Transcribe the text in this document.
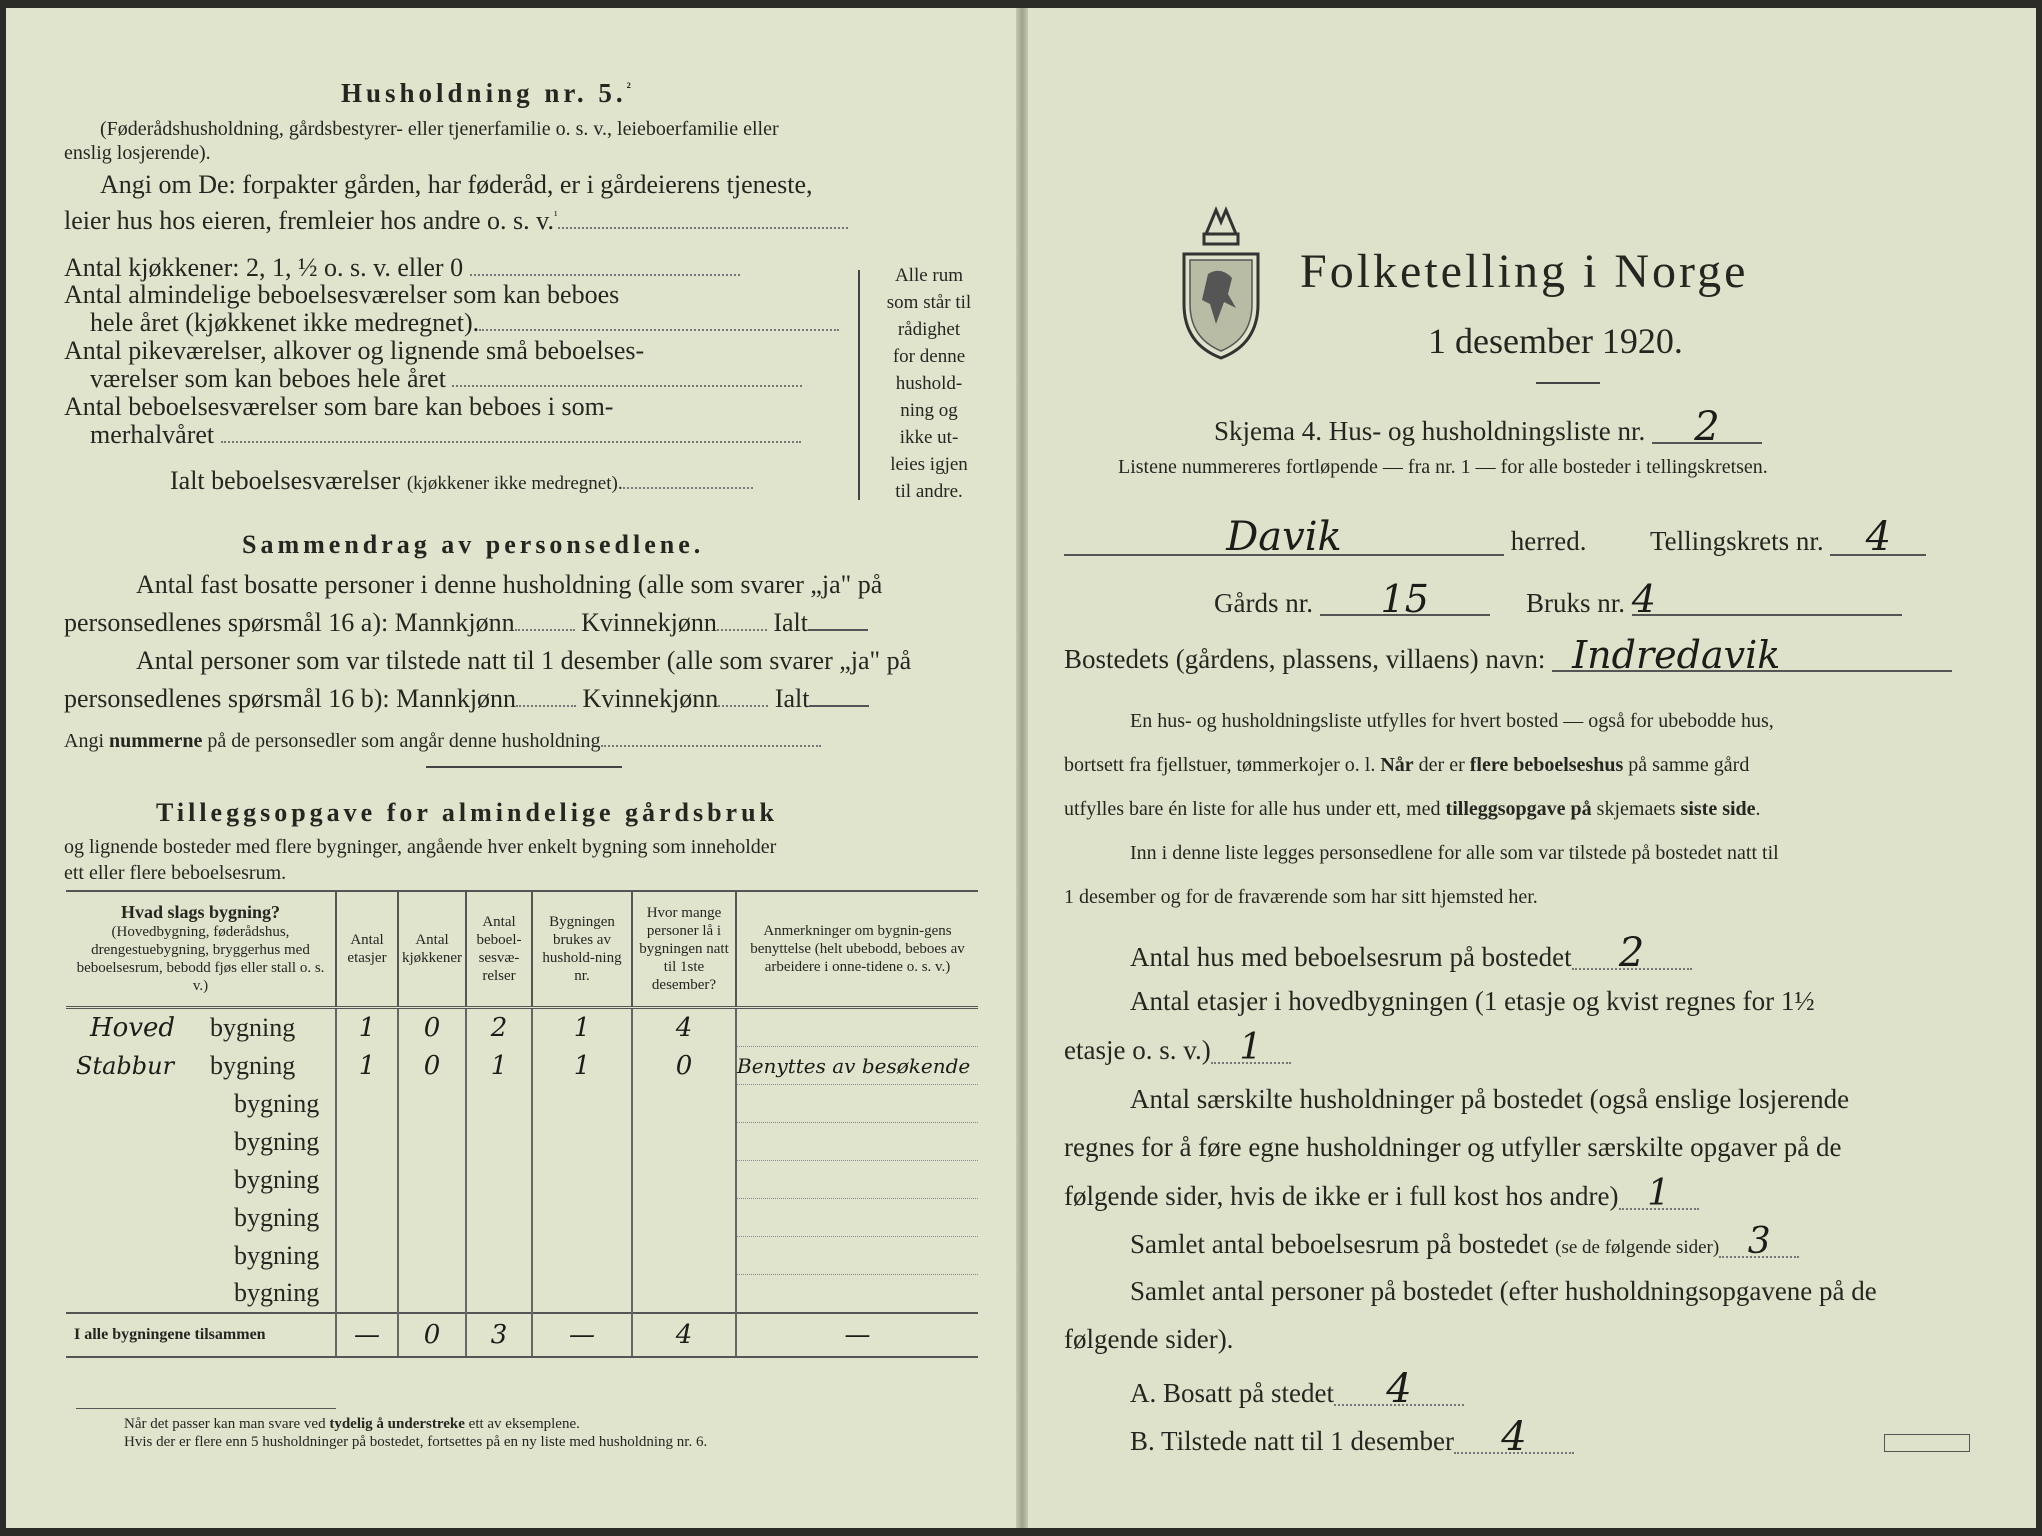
Husholdning nr. 5.$^{^2}$
(Føderådshusholdning, gårdsbestyrer- eller tjenerfamilie o. s. v., leieboerfamilie eller
enslig losjerende).
Angi om De: forpakter gården, har føderåd, er i gårdeierens tjeneste,
leier hus hos eieren, fremleier hos andre o. s. v.$^{^1}$
Antal kjøkkener: 2, 1, ½ o. s. v. eller 0
Antal almindelige beboelsesværelser som kan beboes
hele året (kjøkkenet ikke medregnet).
Antal pikeværelser, alkover og lignende små beboelses-
værelser som kan beboes hele året
Antal beboelsesværelser som bare kan beboes i som-
merhalvåret
Ialt beboelsesværelser (kjøkkener ikke medregnet).
Alle rum
som står til
rådighet
for denne
hushold-
ning og
ikke ut-
leies igjen
til andre.
Sammendrag av personsedlene.
Antal fast bosatte personer i denne husholdning (alle som svarer „ja" på
personsedlenes spørsmål 16 a): Mannkjønn	Kvinnekjønn Ialt
Antal personer som var tilstede natt til 1 desember (alle som svarer „ja" på
personsedlenes spørsmål 16 b): Mannkjønn	Kvinnekjønn Ialt
Angi nummerne på de personsedler som angår denne husholdning
Tilleggsopgave for almindelige gårdsbruk
og lignende bosteder med flere bygninger, angående hver enkelt bygning som inneholder
ett eller flere beboelsesrum.
Hvad slags bygning?
(Hovedbygning, føderådshus, drengestuebygning, bryggerhus med beboelsesrum, bebodd fjøs eller stall o. s. v.)	Antal etasjer	Antal kjøkkener	Antal beboel-sesvæ-relser	Bygningen brukes av hushold-ning nr.	Hvor mange personer lå i bygningen natt til 1ste desember?	Anmerkninger om bygnin-gens benyttelse (helt ubebodd, beboes av arbeidere i onne-tidene o. s. v.)
Hoved bygning	1	0	2	1	4	
Stabbur bygning	1	0	1	1	0	Benyttes av besøkende
bygning						
bygning						
bygning						
bygning						
bygning						
bygning						
I alle bygningene tilsammen	—	0	3	—	4	—
Når det passer kan man svare ved tydelig å understreke ett av eksemplene.
Hvis der er flere enn 5 husholdninger på bostedet, fortsettes på en ny liste med husholdning nr. 6.
Folketelling i Norge
1 desember 1920.
Skjema 4. Hus- og husholdningsliste nr. 2
Listene nummereres fortløpende — fra nr. 1 — for alle bosteder i tellingskretsen.
Davik	herred. Tellingskrets nr. 4
Gårds nr. 15	Bruks nr. 4
Bostedets (gårdens, plassens, villaens) navn: Indredavik
En hus- og husholdningsliste utfylles for hvert bosted — også for ubebodde hus,
bortsett fra fjellstuer, tømmerkojer o. l. Når der er flere beboelseshus på samme gård
utfylles bare én liste for alle hus under ett, med tilleggsopgave på skjemaets siste side.
Inn i denne liste legges personsedlene for alle som var tilstede på bostedet natt til
1 desember og for de fraværende som har sitt hjemsted her.
Antal hus med beboelsesrum på bostedet 2
Antal etasjer i hovedbygningen (1 etasje og kvist regnes for 1½
etasje o. s. v.) 1
Antal særskilte husholdninger på bostedet (også enslige losjerende
regnes for å føre egne husholdninger og utfyller særskilte opgaver på de
følgende sider, hvis de ikke er i full kost hos andre) 1
Samlet antal beboelsesrum på bostedet (se de følgende sider) 3
Samlet antal personer på bostedet (efter husholdningsopgavene på de
følgende sider).
A. Bosatt på stedet 4
B. Tilstede natt til 1 desember 4
